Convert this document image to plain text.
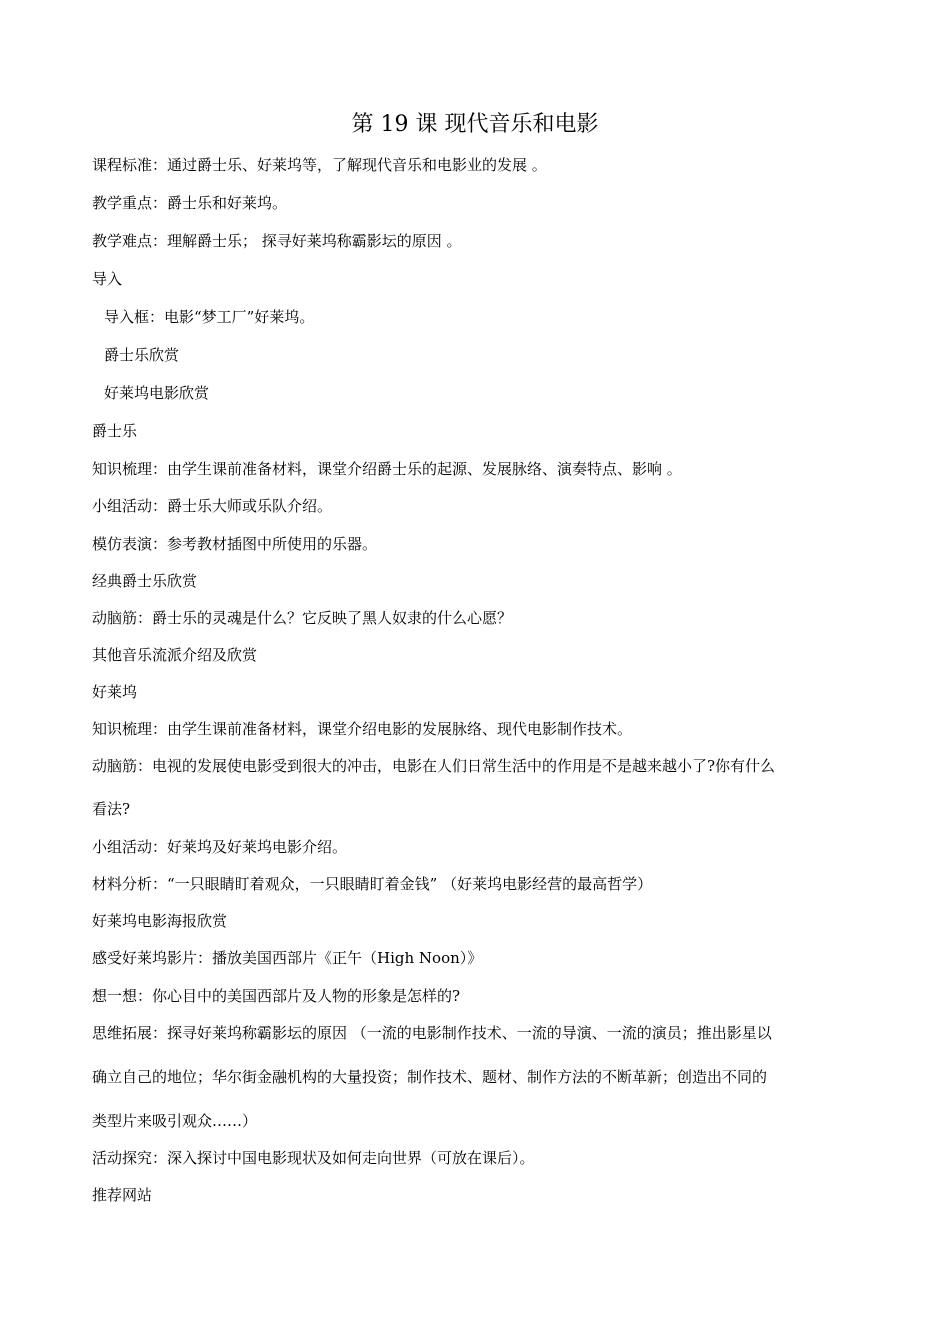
第 19 课 现代音乐和电影
课程标准：通过爵士乐、好莱坞等，了解现代音乐和电影业的发展 。
教学重点：爵士乐和好莱坞。
教学难点：理解爵士乐； 探寻好莱坞称霸影坛的原因 。
导入
导入框：电影“梦工厂”好莱坞。
爵士乐欣赏
好莱坞电影欣赏
爵士乐
知识梳理：由学生课前准备材料，课堂介绍爵士乐的起源、发展脉络、演奏特点、影响 。
小组活动：爵士乐大师或乐队介绍。
模仿表演：参考教材插图中所使用的乐器。
经典爵士乐欣赏
动脑筋：爵士乐的灵魂是什么？它反映了黑人奴隶的什么心愿？
其他音乐流派介绍及欣赏
好莱坞
知识梳理：由学生课前准备材料，课堂介绍电影的发展脉络、现代电影制作技术。
动脑筋：电视的发展使电影受到很大的冲击，电影在人们日常生活中的作用是不是越来越小了?你有什么
看法?
小组活动：好莱坞及好莱坞电影介绍。
材料分析：“一只眼睛盯着观众，一只眼睛盯着金钱” （好莱坞电影经营的最高哲学）
好莱坞电影海报欣赏
感受好莱坞影片：播放美国西部片《正午（High Noon）》
想一想：你心目中的美国西部片及人物的形象是怎样的?
思维拓展：探寻好莱坞称霸影坛的原因 （一流的电影制作技术、一流的导演、一流的演员；推出影星以
确立自己的地位；华尔街金融机构的大量投资；制作技术、题材、制作方法的不断革新；创造出不同的
类型片来吸引观众……）
活动探究：深入探讨中国电影现状及如何走向世界（可放在课后）。
推荐网站
